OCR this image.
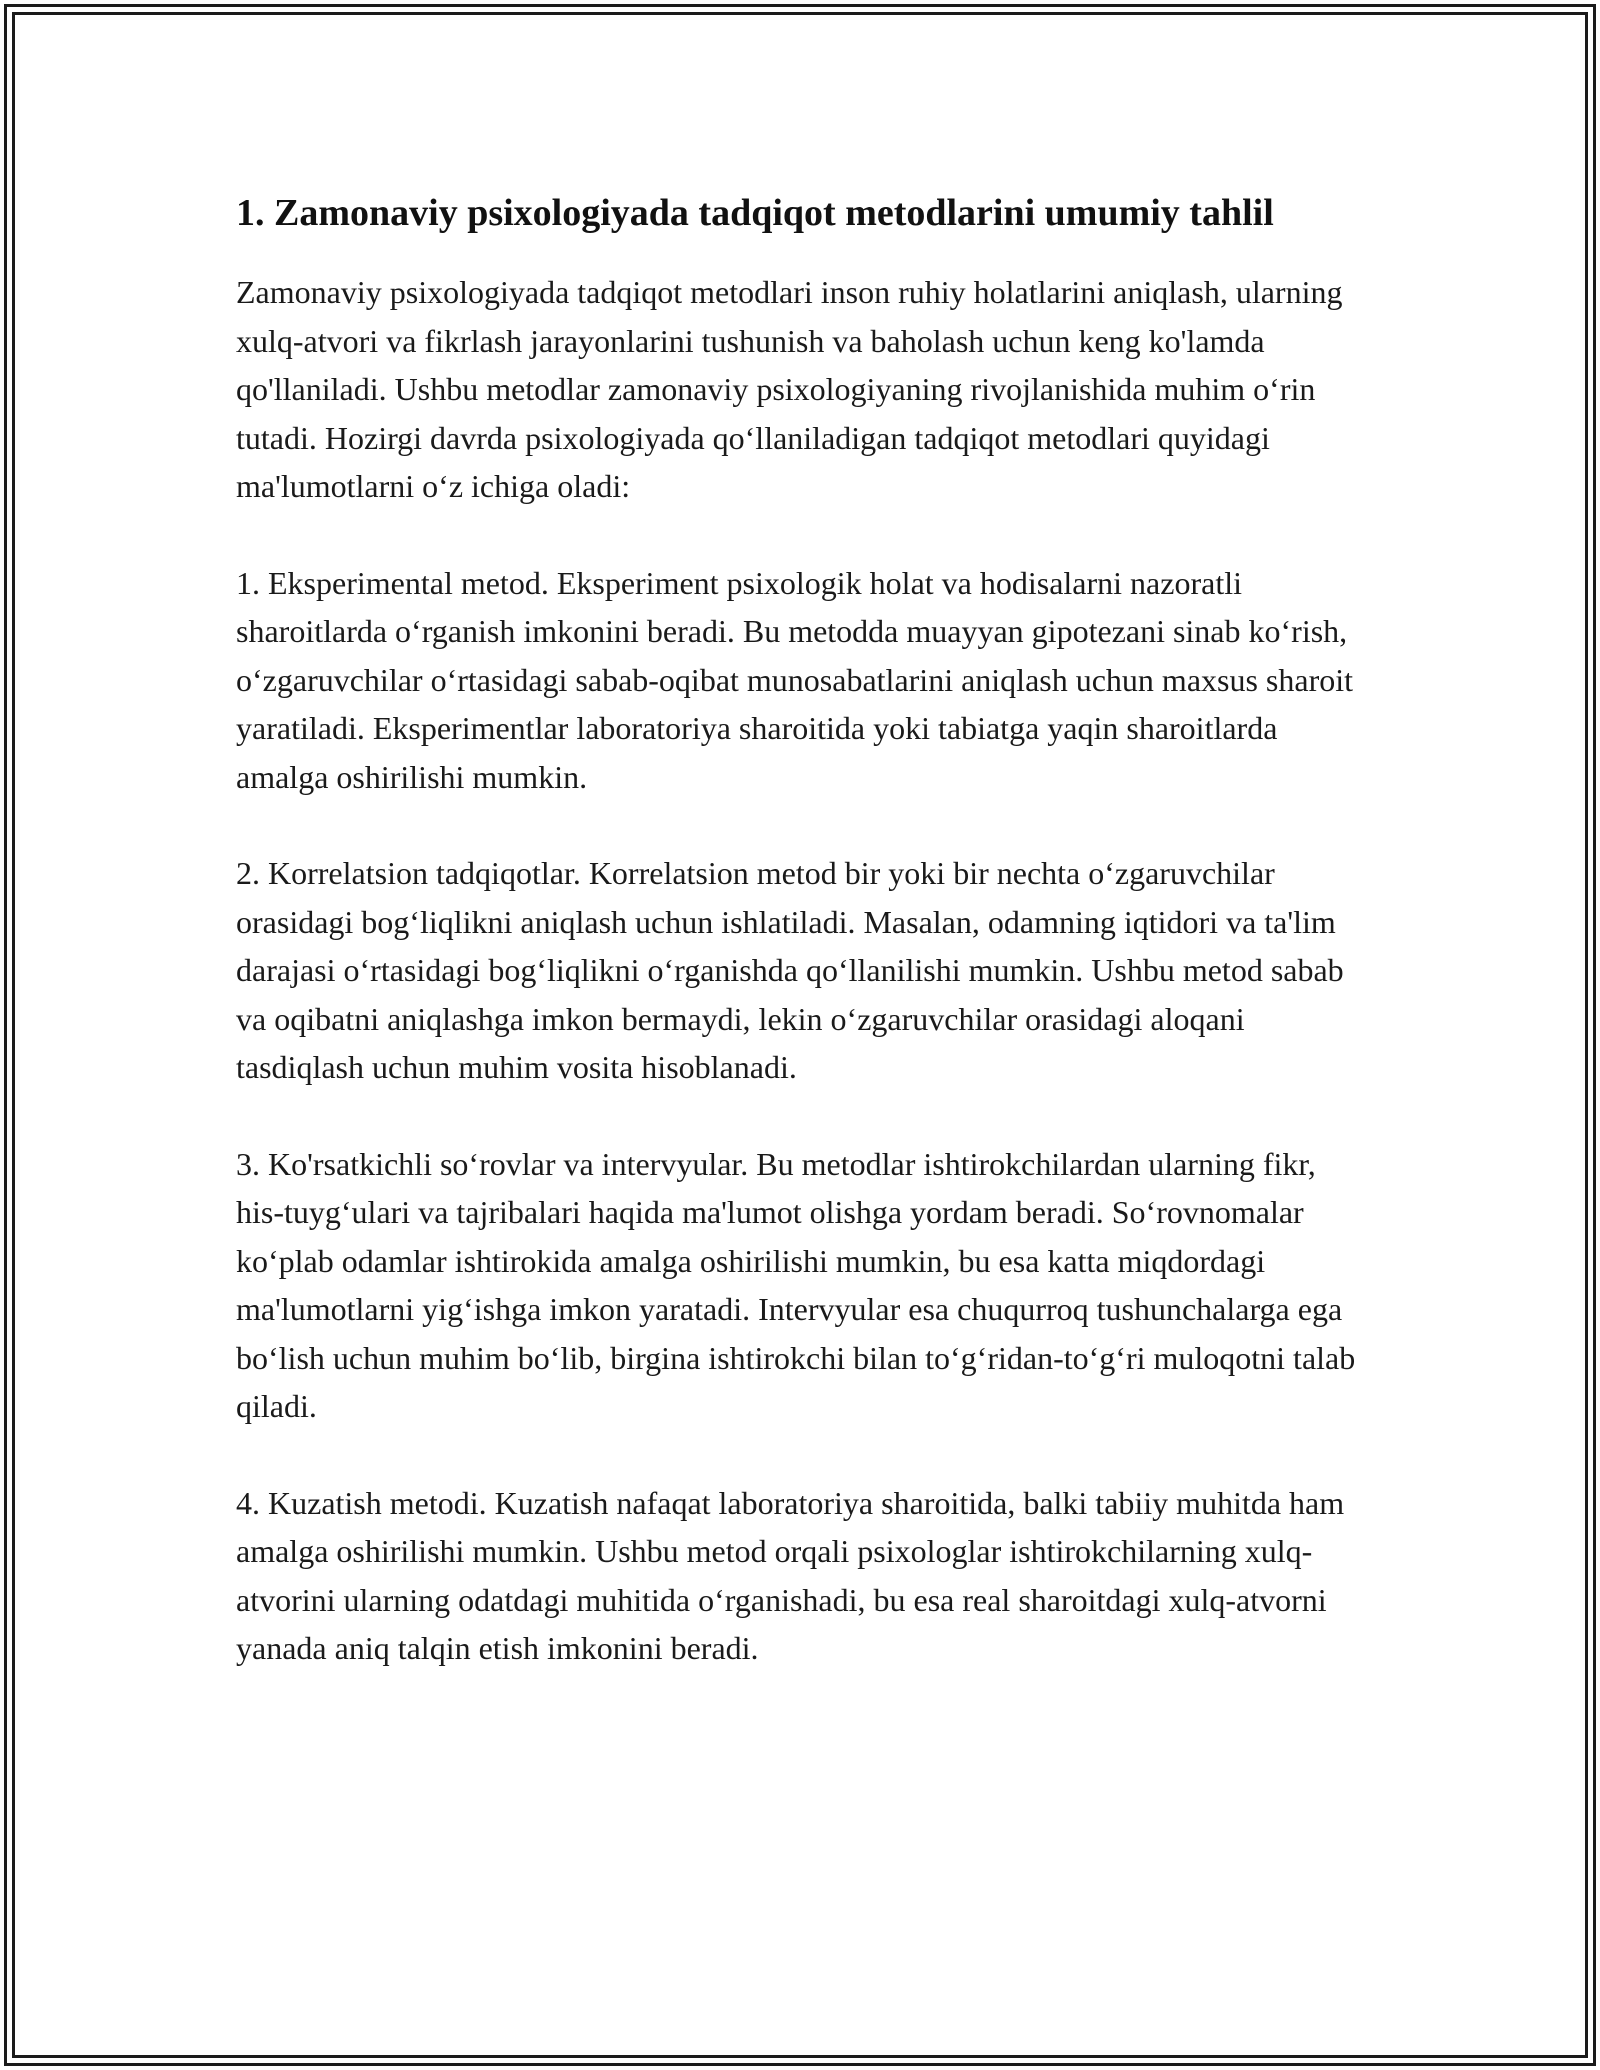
1. Zamonaviy psixologiyada tadqiqot metodlarini umumiy tahlil

Zamonaviy psixologiyada tadqiqot metodlari inson ruhiy holatlarini aniqlash, ularning xulq-atvori va fikrlash jarayonlarini tushunish va baholash uchun keng ko'lamda qo'llaniladi. Ushbu metodlar zamonaviy psixologiyaning rivojlanishida muhim o‘rin tutadi. Hozirgi davrda psixologiyada qo‘llaniladigan tadqiqot metodlari quyidagi ma'lumotlarni o‘z ichiga oladi:

1. Eksperimental metod. Eksperiment psixologik holat va hodisalarni nazoratli sharoitlarda o‘rganish imkonini beradi. Bu metodda muayyan gipotezani sinab ko‘rish, o‘zgaruvchilar o‘rtasidagi sabab-oqibat munosabatlarini aniqlash uchun maxsus sharoit yaratiladi. Eksperimentlar laboratoriya sharoitida yoki tabiatga yaqin sharoitlarda amalga oshirilishi mumkin.

2. Korrelatsion tadqiqotlar. Korrelatsion metod bir yoki bir nechta o‘zgaruvchilar orasidagi bog‘liqlikni aniqlash uchun ishlatiladi. Masalan, odamning iqtidori va ta'lim darajasi o‘rtasidagi bog‘liqlikni o‘rganishda qo‘llanilishi mumkin. Ushbu metod sabab va oqibatni aniqlashga imkon bermaydi, lekin o‘zgaruvchilar orasidagi aloqani tasdiqlash uchun muhim vosita hisoblanadi.

3. Ko'rsatkichli so‘rovlar va intervyular. Bu metodlar ishtirokchilardan ularning fikr, his-tuyg‘ulari va tajribalari haqida ma'lumot olishga yordam beradi. So‘rovnomalar ko‘plab odamlar ishtirokida amalga oshirilishi mumkin, bu esa katta miqdordagi ma'lumotlarni yig‘ishga imkon yaratadi. Intervyular esa chuqurroq tushunchalarga ega bo‘lish uchun muhim bo‘lib, birgina ishtirokchi bilan to‘g‘ridan-to‘g‘ri muloqotni talab qiladi.

4. Kuzatish metodi. Kuzatish nafaqat laboratoriya sharoitida, balki tabiiy muhitda ham amalga oshirilishi mumkin. Ushbu metod orqali psixologlar ishtirokchilarning xulq-atvorini ularning odatdagi muhitida o‘rganishadi, bu esa real sharoitdagi xulq-atvorni yanada aniq talqin etish imkonini beradi.
